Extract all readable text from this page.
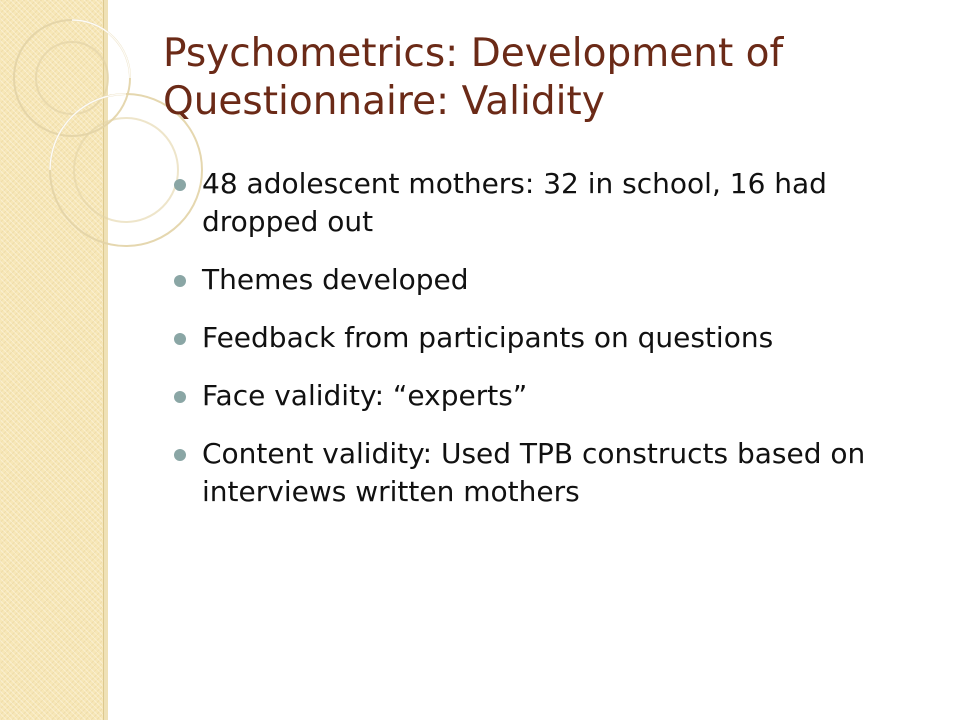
Psychometrics: Development of Questionnaire: Validity
48 adolescent mothers: 32 in school, 16 had dropped out
Themes developed
Feedback from participants on questions
Face validity: “experts”
Content validity: Used TPB constructs based on interviews written mothers
